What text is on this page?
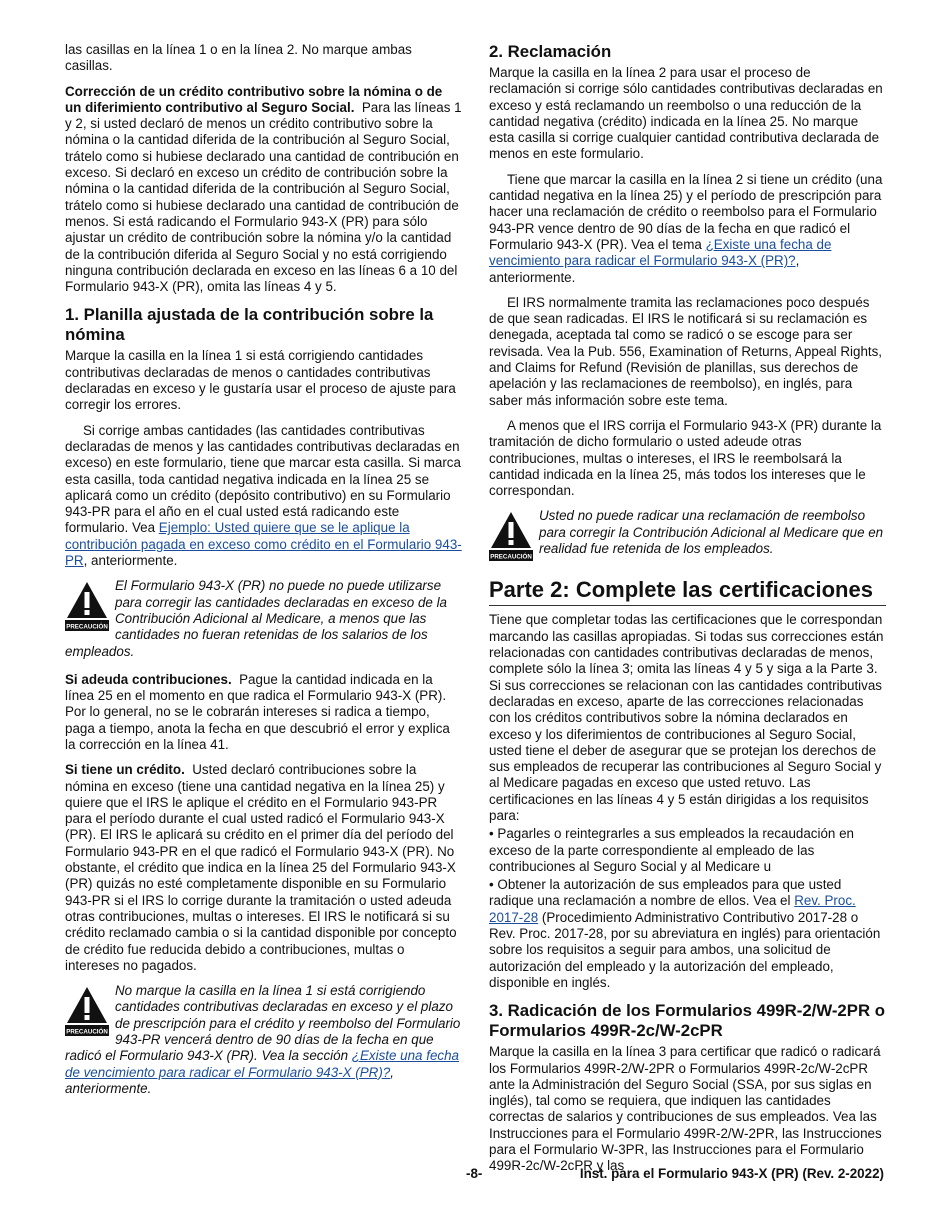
las casillas en la línea 1 o en la línea 2. No marque ambas casillas.

Corrección de un crédito contributivo sobre la nómina o de un diferimiento contributivo al Seguro Social. Para las líneas 1 y 2, si usted declaró de menos un crédito contributivo sobre la nómina o la cantidad diferida de la contribución al Seguro Social, trátelo como si hubiese declarado una cantidad de contribución en exceso. Si declaró en exceso un crédito de contribución sobre la nómina o la cantidad diferida de la contribución al Seguro Social, trátelo como si hubiese declarado una cantidad de contribución de menos. Si está radicando el Formulario 943-X (PR) para sólo ajustar un crédito de contribución sobre la nómina y/o la cantidad de la contribución diferida al Seguro Social y no está corrigiendo ninguna contribución declarada en exceso en las líneas 6 a 10 del Formulario 943-X (PR), omita las líneas 4 y 5.

1. Planilla ajustada de la contribución sobre la nómina

Marque la casilla en la línea 1 si está corrigiendo cantidades contributivas declaradas de menos o cantidades contributivas declaradas en exceso y le gustaría usar el proceso de ajuste para corregir los errores.

Si corrige ambas cantidades (las cantidades contributivas declaradas de menos y las cantidades contributivas declaradas en exceso) en este formulario, tiene que marcar esta casilla. Si marca esta casilla, toda cantidad negativa indicada en la línea 25 se aplicará como un crédito (depósito contributivo) en su Formulario 943-PR para el año en el cual usted está radicando este formulario. Vea Ejemplo: Usted quiere que se le aplique la contribución pagada en exceso como crédito en el Formulario 943-PR, anteriormente.

PRECAUCIÓN

El Formulario 943-X (PR) no puede no puede utilizarse para corregir las cantidades declaradas en exceso de la Contribución Adicional al Medicare, a menos que las cantidades no fueran retenidas de los salarios de los empleados.

Si adeuda contribuciones. Pague la cantidad indicada en la línea 25 en el momento en que radica el Formulario 943-X (PR). Por lo general, no se le cobrarán intereses si radica a tiempo, paga a tiempo, anota la fecha en que descubrió el error y explica la corrección en la línea 41.

Si tiene un crédito. Usted declaró contribuciones sobre la nómina en exceso (tiene una cantidad negativa en la línea 25) y quiere que el IRS le aplique el crédito en el Formulario 943-PR para el período durante el cual usted radicó el Formulario 943-X (PR). El IRS le aplicará su crédito en el primer día del período del Formulario 943-PR en el que radicó el Formulario 943-X (PR). No obstante, el crédito que indica en la línea 25 del Formulario 943-X (PR) quizás no esté completamente disponible en su Formulario 943-PR si el IRS lo corrige durante la tramitación o usted adeuda otras contribuciones, multas o intereses. El IRS le notificará si su crédito reclamado cambia o si la cantidad disponible por concepto de crédito fue reducida debido a contribuciones, multas o intereses no pagados.

PRECAUCIÓN

No marque la casilla en la línea 1 si está corrigiendo cantidades contributivas declaradas en exceso y el plazo de prescripción para el crédito y reembolso del Formulario 943-PR vencerá dentro de 90 días de la fecha en que radicó el Formulario 943-X (PR). Vea la sección ¿Existe una fecha de vencimiento para radicar el Formulario 943-X (PR)?, anteriormente.

2. Reclamación

Marque la casilla en la línea 2 para usar el proceso de reclamación si corrige sólo cantidades contributivas declaradas en exceso y está reclamando un reembolso o una reducción de la cantidad negativa (crédito) indicada en la línea 25. No marque esta casilla si corrige cualquier cantidad contributiva declarada de menos en este formulario.

Tiene que marcar la casilla en la línea 2 si tiene un crédito (una cantidad negativa en la línea 25) y el período de prescripción para hacer una reclamación de crédito o reembolso para el Formulario 943-PR vence dentro de 90 días de la fecha en que radicó el Formulario 943-X (PR). Vea el tema ¿Existe una fecha de vencimiento para radicar el Formulario 943-X (PR)?, anteriormente.

El IRS normalmente tramita las reclamaciones poco después de que sean radicadas. El IRS le notificará si su reclamación es denegada, aceptada tal como se radicó o se escoge para ser revisada. Vea la Pub. 556, Examination of Returns, Appeal Rights, and Claims for Refund (Revisión de planillas, sus derechos de apelación y las reclamaciones de reembolso), en inglés, para saber más información sobre este tema.

A menos que el IRS corrija el Formulario 943-X (PR) durante la tramitación de dicho formulario o usted adeude otras contribuciones, multas o intereses, el IRS le reembolsará la cantidad indicada en la línea 25, más todos los intereses que le correspondan.

PRECAUCIÓN

Usted no puede radicar una reclamación de reembolso para corregir la Contribución Adicional al Medicare que en realidad fue retenida de los empleados.

Parte 2: Complete las certificaciones

Tiene que completar todas las certificaciones que le correspondan marcando las casillas apropiadas. Si todas sus correcciones están relacionadas con cantidades contributivas declaradas de menos, complete sólo la línea 3; omita las líneas 4 y 5 y siga a la Parte 3. Si sus correcciones se relacionan con las cantidades contributivas declaradas en exceso, aparte de las correcciones relacionadas con los créditos contributivos sobre la nómina declarados en exceso y los diferimientos de contribuciones al Seguro Social, usted tiene el deber de asegurar que se protejan los derechos de sus empleados de recuperar las contribuciones al Seguro Social y al Medicare pagadas en exceso que usted retuvo. Las certificaciones en las líneas 4 y 5 están dirigidas a los requisitos para:

• Pagarles o reintegrarles a sus empleados la recaudación en exceso de la parte correspondiente al empleado de las contribuciones al Seguro Social y al Medicare u

• Obtener la autorización de sus empleados para que usted radique una reclamación a nombre de ellos. Vea el Rev. Proc. 2017-28 (Procedimiento Administrativo Contributivo 2017-28 o Rev. Proc. 2017-28, por su abreviatura en inglés) para orientación sobre los requisitos a seguir para ambos, una solicitud de autorización del empleado y la autorización del empleado, disponible en inglés.

3. Radicación de los Formularios 499R-2/W-2PR o Formularios 499R-2c/W-2cPR

Marque la casilla en la línea 3 para certificar que radicó o radicará los Formularios 499R-2/W-2PR o Formularios 499R-2c/W-2cPR ante la Administración del Seguro Social (SSA, por sus siglas en inglés), tal como se requiera, que indiquen las cantidades correctas de salarios y contribuciones de sus empleados. Vea las Instrucciones para el Formulario 499R-2/W-2PR, las Instrucciones para el Formulario W-3PR, las Instrucciones para el Formulario 499R-2c/W-2cPR y las

-8-	Inst. para el Formulario 943-X (PR) (Rev. 2-2022)
